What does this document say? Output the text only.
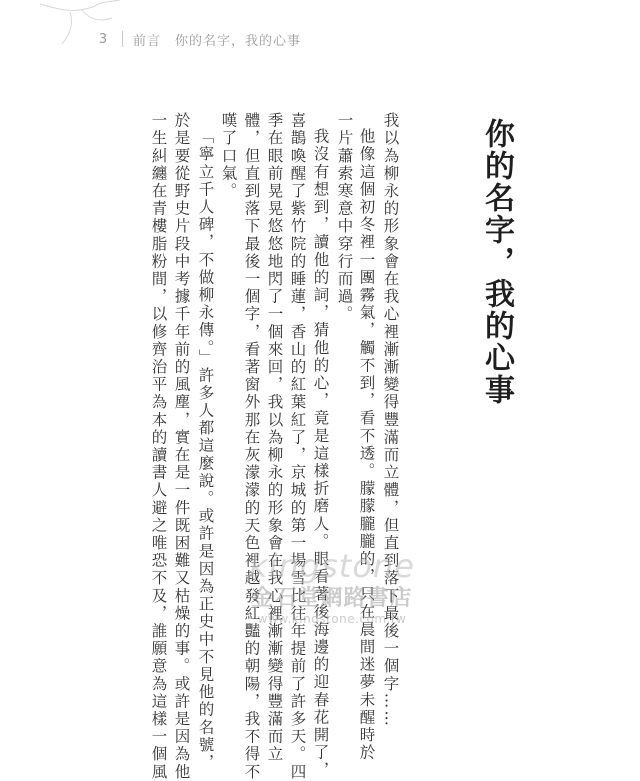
3	前言　你的名字，我的心事
你的名字，我的心事
我以為柳永的形象會在我心裡漸漸變得豐滿而立體，但直到落下最後一個字……
他像這個初冬裡一團霧氣，觸不到，看不透。朦朦朧朧的，只在晨間迷夢未醒時於
一片蕭索寒意中穿行而過。
我沒有想到，讀他的詞，猜他的心，竟是這樣折磨人。眼看著後海邊的迎春花開了，
喜鵲喚醒了紫竹院的睡蓮，香山的紅葉紅了，京城的第一場雪比往年提前了許多天。四
季在眼前晃晃悠悠地閃了一個來回，我以為柳永的形象會在我心裡漸漸變得豐滿而立
體，但直到落下最後一個字，看著窗外那在灰濛濛的天色裡越發紅豔的朝陽，我不得不
嘆了口氣。
「寧立千人碑，不做柳永傳。」許多人都這麼說。或許是因為正史中不見他的名號，
於是要從野史片段中考據千年前的風塵，實在是一件既困難又枯燥的事。或許是因為他
一生糾纏在青樓脂粉間，以修齊治平為本的讀書人避之唯恐不及，誰願意為這樣一個風	kingstone
金石堂網路書店
www.kingstone.com.tw
